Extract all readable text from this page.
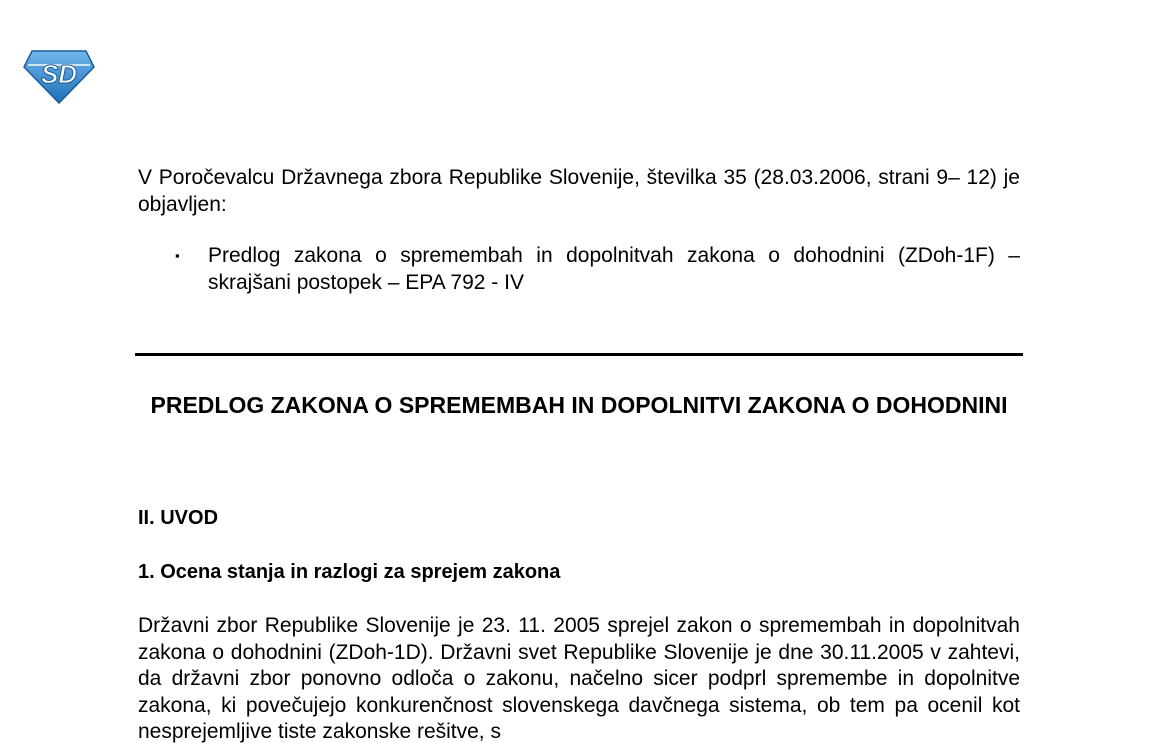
SD

V Poročevalcu Državnega zbora Republike Slovenije, številka 35 (28.03.2006, strani 9– 12) je objavljen:

▪ Predlog zakona o spremembah in dopolnitvah zakona o dohodnini (ZDoh-1F) – skrajšani postopek – EPA 792 - IV
PREDLOG ZAKONA O SPREMEMBAH IN DOPOLNITVI ZAKONA O DOHODNINI
II. UVOD
1. Ocena stanja in razlogi za sprejem zakona

Državni zbor Republike Slovenije je 23. 11. 2005 sprejel zakon o spremembah in dopolnitvah zakona o dohodnini (ZDoh-1D). Državni svet Republike Slovenije je dne 30.11.2005 v zahtevi, da državni zbor ponovno odloča o zakonu, načelno sicer podprl spremembe in dopolnitve zakona, ki povečujejo konkurenčnost slovenskega davčnega sistema, ob tem pa ocenil kot nesprejemljive tiste zakonske rešitve, s
